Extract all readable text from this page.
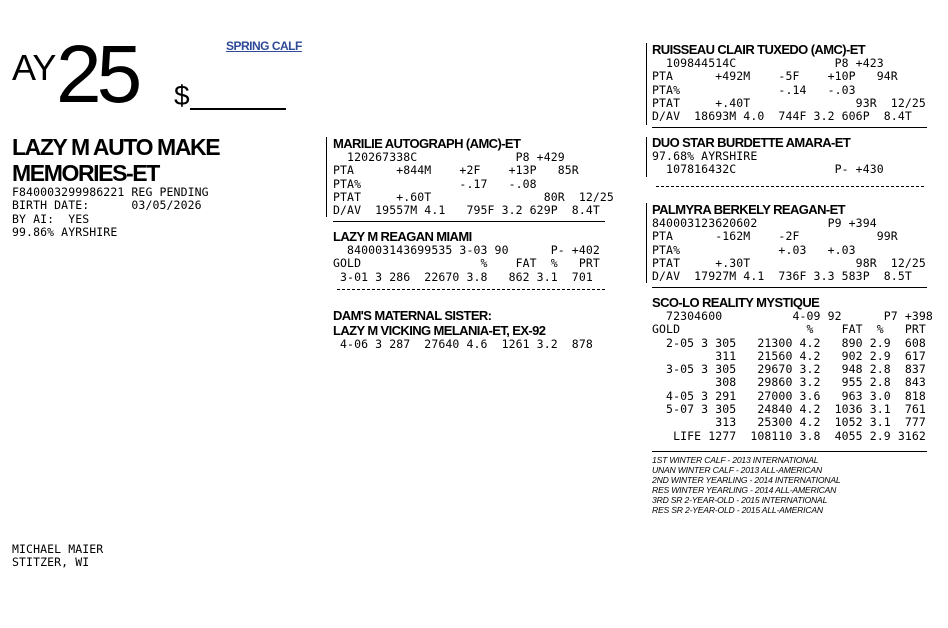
AY 25 $
SPRING CALF
LAZY M AUTO MAKE
MEMORIES-ET
F840003299986221 REG PENDING
BIRTH DATE:      03/05/2026
BY AI:  YES
99.86% AYRSHIRE
MICHAEL MAIER
STITZER, WI
MARILIE AUTOGRAPH (AMC)-ET
120267338C              P8 +429
PTA      +844M    +2F    +13P   85R
PTA%              -.17   -.08
PTAT     +.60T                80R  12/25
D/AV  19557M 4.1   795F 3.2 629P  8.4T
LAZY M REAGAN MIAMI
840003143699535 3-03 90      P- +402
GOLD                 %    FAT  %   PRT
3-01 3 286  22670 3.8   862 3.1  701
DAM'S MATERNAL SISTER:
LAZY M VICKING MELANIA-ET, EX-92
4-06 3 287  27640 4.6  1261 3.2  878
RUISSEAU CLAIR TUXEDO (AMC)-ET
109844514C              P8 +423
PTA      +492M    -5F    +10P   94R
PTA%              -.14   -.03
PTAT     +.40T               93R  12/25
D/AV  18693M 4.0  744F 3.2 606P  8.4T
DUO STAR BURDETTE AMARA-ET
97.68% AYRSHIRE
107816432C              P- +430
PALMYRA BERKELY REAGAN-ET
840003123620602          P9 +394
PTA      -162M    -2F           99R
PTA%              +.03   +.03
PTAT     +.30T               98R  12/25
D/AV  17927M 4.1  736F 3.3 583P  8.5T
SCO-LO REALITY MYSTIQUE
72304600          4-09 92      P7 +398
GOLD                  %    FAT  %   PRT
2-05 3 305   21300 4.2   890 2.9  608
311   21560 4.2   902 2.9  617
3-05 3 305   29670 3.2   948 2.8  837
308   29860 3.2   955 2.8  843
4-05 3 291   27000 3.6   963 3.0  818
5-07 3 305   24840 4.2  1036 3.1  761
313   25300 4.2  1052 3.1  777
LIFE 1277  108110 3.8  4055 2.9 3162
1ST WINTER CALF - 2013 INTERNATIONAL
UNAN WINTER CALF - 2013 ALL-AMERICAN
2ND WINTER YEARLING - 2014 INTERNATIONAL
RES WINTER YEARLING - 2014 ALL-AMERICAN
3RD SR 2-YEAR-OLD - 2015 INTERNATIONAL
RES SR 2-YEAR-OLD - 2015 ALL-AMERICAN
